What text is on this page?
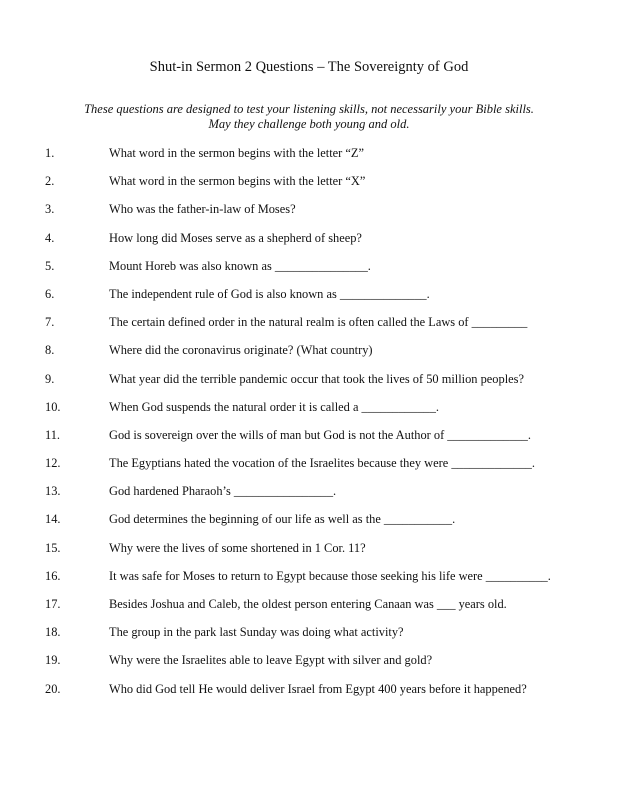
Shut-in Sermon 2 Questions – The Sovereignty of God
These questions are designed to test your listening skills, not necessarily your Bible skills.
May they challenge both young and old.
1.	What word in the sermon begins with the letter “Z”
2.	What word in the sermon begins with the letter “X”
3.	Who was the father-in-law of Moses?
4.	How long did Moses serve as a shepherd of sheep?
5.	Mount Horeb was also known as _______________.
6.	The independent rule of God is also known as ______________.
7.	The certain defined order in the natural realm is often called the Laws of _________
8.	Where did the coronavirus originate? (What country)
9.	What year did the terrible pandemic occur that took the lives of 50 million peoples?
10.	When God suspends the natural order it is called a ____________.
11.	God is sovereign over the wills of man but God is not the Author of _____________.
12.	The Egyptians hated the vocation of the Israelites because they were _____________.
13.	God hardened Pharaoh’s ________________.
14.	God determines the beginning of our life as well as the ___________.
15.	Why were the lives of some shortened in 1 Cor. 11?
16.	It was safe for Moses to return to Egypt because those seeking his life were __________.
17.	Besides Joshua and Caleb, the oldest person entering Canaan was ___ years old.
18.	The group in the park last Sunday was doing what activity?
19.	Why were the Israelites able to leave Egypt with silver and gold?
20.	Who did God tell He would deliver Israel from Egypt 400 years before it happened?
